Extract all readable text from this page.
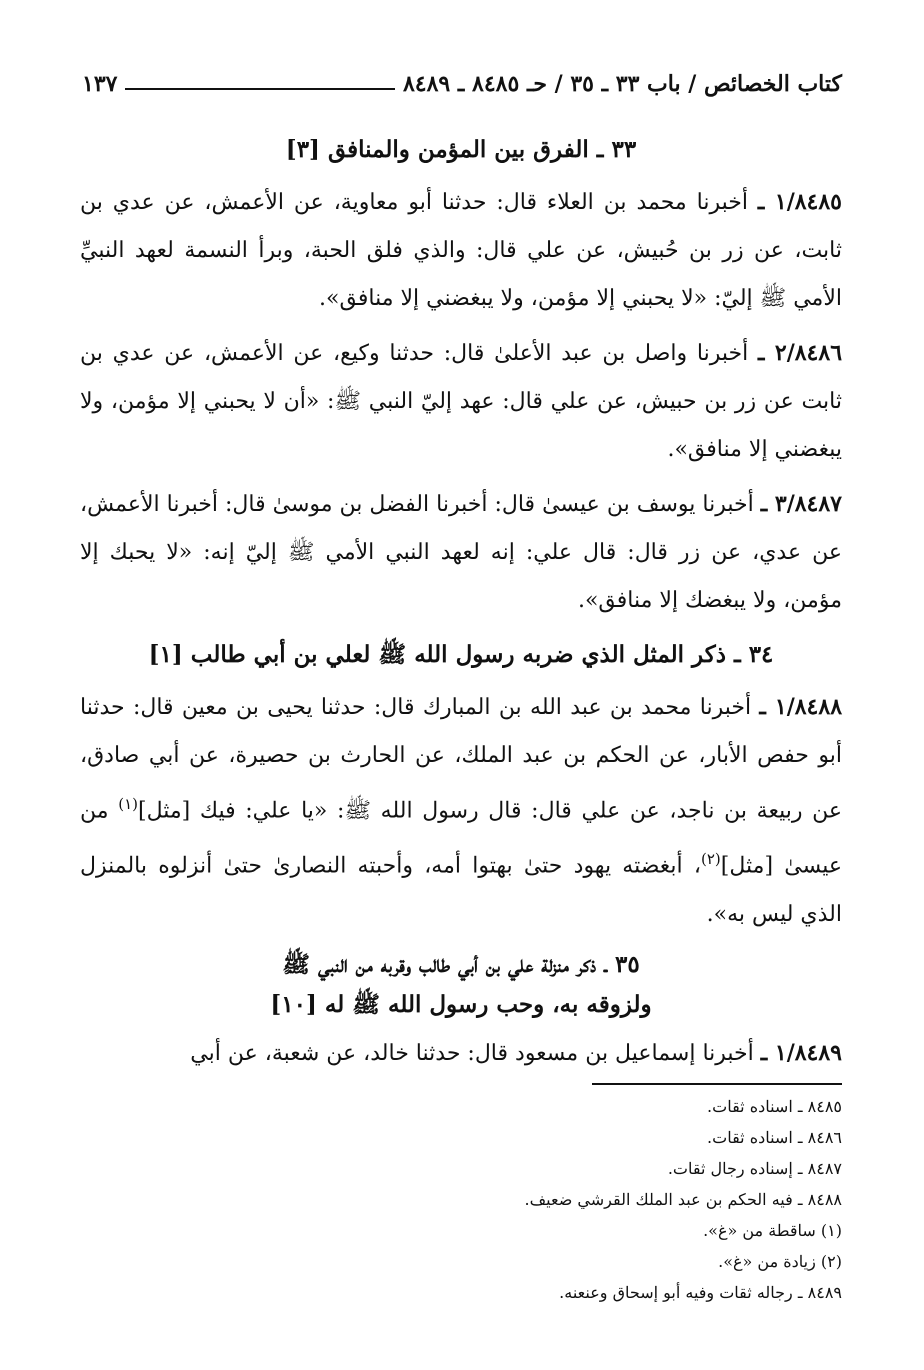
كتاب الخصائص / باب ٣٣ ـ ٣٥ / حـ ٨٤٨٥ ـ ٨٤٨٩
١٣٧
٣٣ ـ الفرق بين المؤمن والمنافق [٣]

١/٨٤٨٥ ـ أخبرنا محمد بن العلاء قال: حدثنا أبو معاوية، عن الأعمش، عن عدي بن ثابت، عن زر بن حُبيش، عن علي قال: والذي فلق الحبة، وبرأ النسمة لعهد النبيِّ الأمي ﷺ إليّ: «لا يحبني إلا مؤمن، ولا يبغضني إلا منافق».

٢/٨٤٨٦ ـ أخبرنا واصل بن عبد الأعلىٰ قال: حدثنا وكيع، عن الأعمش، عن عدي بن ثابت عن زر بن حبيش، عن علي قال: عهد إليّ النبي ﷺ: «أن لا يحبني إلا مؤمن، ولا يبغضني إلا منافق».

٣/٨٤٨٧ ـ أخبرنا يوسف بن عيسىٰ قال: أخبرنا الفضل بن موسىٰ قال: أخبرنا الأعمش، عن عدي، عن زر قال: قال علي: إنه لعهد النبي الأمي ﷺ إليّ إنه: «لا يحبك إلا مؤمن، ولا يبغضك إلا منافق».

٣٤ ـ ذكر المثل الذي ضربه رسول الله ﷺ لعلي بن أبي طالب [١]

١/٨٤٨٨ ـ أخبرنا محمد بن عبد الله بن المبارك قال: حدثنا يحيى بن معين قال: حدثنا أبو حفص الأبار، عن الحكم بن عبد الملك، عن الحارث بن حصيرة، عن أبي صادق، عن ربيعة بن ناجد، عن علي قال: قال رسول الله ﷺ: «يا علي: فيك [مثل]$^{(١)}$ من عيسىٰ [مثل]$^{(٢)}$، أبغضته يهود حتىٰ بهتوا أمه، وأحبته النصارىٰ حتىٰ أنزلوه بالمنزل الذي ليس به».

٣٥ ـ ذكر منزلة علي بن أبي طالب وقربه من النبي ﷺ
ولزوقه به، وحب رسول الله ﷺ له [١٠]

١/٨٤٨٩ ـ أخبرنا إسماعيل بن مسعود قال: حدثنا خالد، عن شعبة، عن أبي

٨٤٨٥ ـ اسناده ثقات.
٨٤٨٦ ـ اسناده ثقات.
٨٤٨٧ ـ إسناده رجال ثقات.
٨٤٨٨ ـ فيه الحكم بن عبد الملك القرشي ضعيف.
(١) ساقطة من «غ».
(٢) زيادة من «غ».
٨٤٨٩ ـ رجاله ثقات وفيه أبو إسحاق وعنعنه.
